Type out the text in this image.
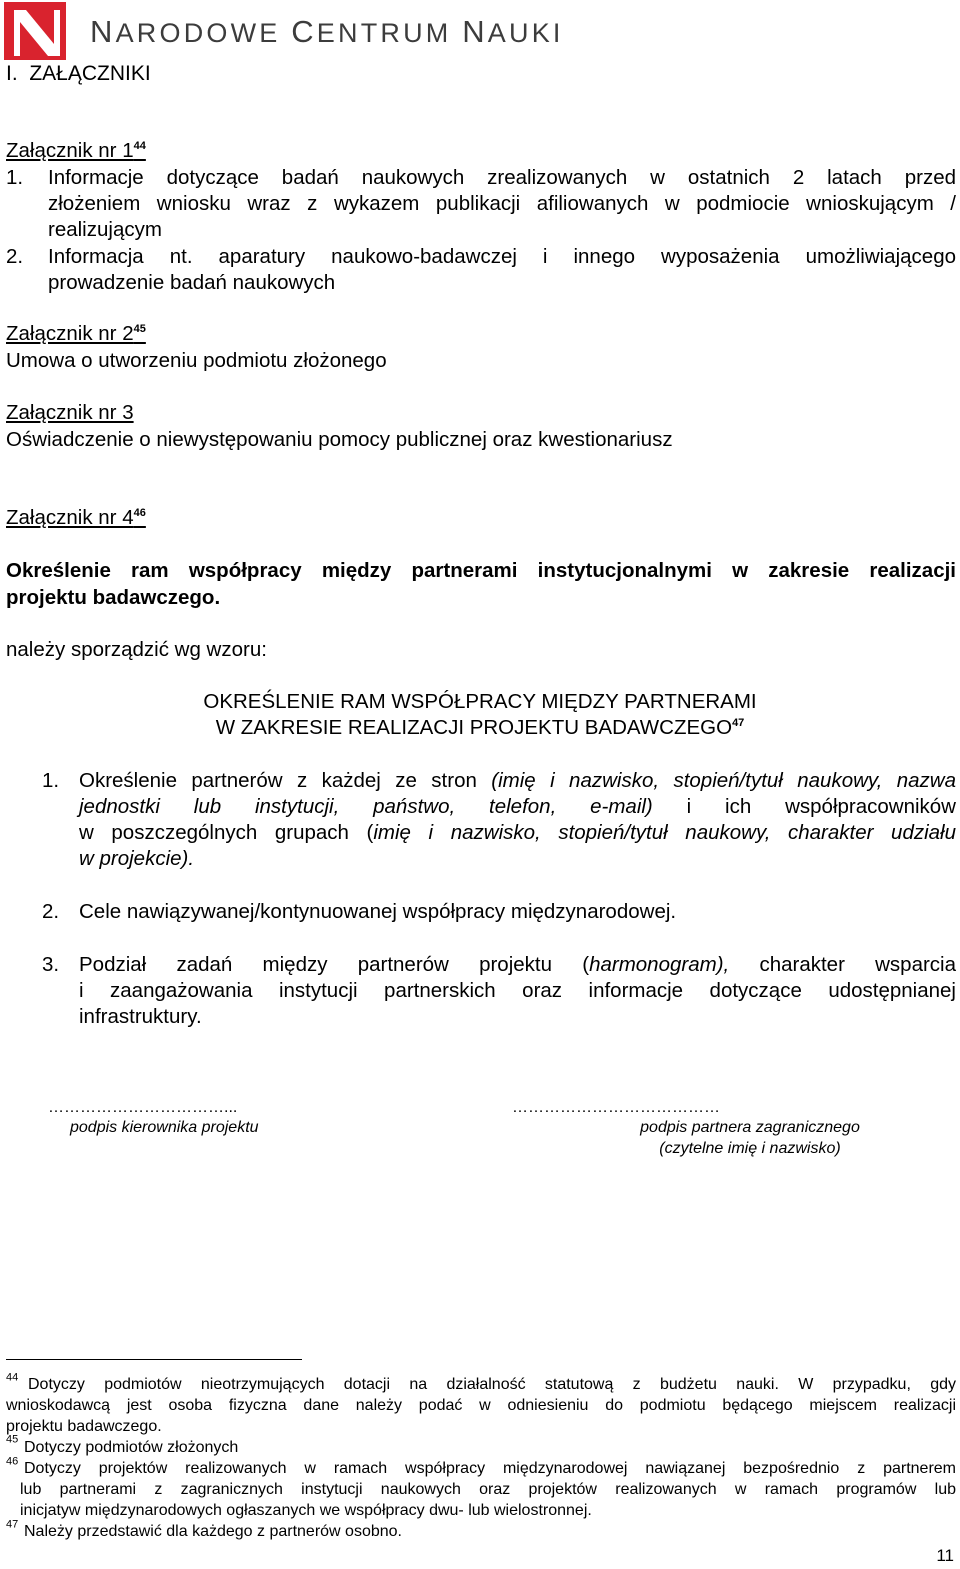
NARODOWE CENTRUM NAUKI
I. ZAŁĄCZNIKI
Załącznik nr $1^{44}$
1. Informacje dotyczące badań naukowych zrealizowanych w ostatnich 2 latach przed
złożeniem wniosku wraz z wykazem publikacji afiliowanych w podmiocie wnioskującym /
realizującym
2. Informacja nt. aparatury naukowo-badawczej i innego wyposażenia umożliwiającego
prowadzenie badań naukowych
Załącznik nr $2^{45}$
Umowa o utworzeniu podmiotu złożonego
Załącznik nr 3
Oświadczenie o niewystępowaniu pomocy publicznej oraz kwestionariusz
Załącznik nr $4^{46}$
Określenie ram współpracy między partnerami instytucjonalnymi w zakresie realizacji
projektu badawczego.
należy sporządzić wg wzoru:
OKREŚLENIE RAM WSPÓŁPRACY MIĘDZY PARTNERAMI
W ZAKRESIE REALIZACJI PROJEKTU BADAWCZEGO$^{47}$
1. Określenie partnerów z każdej ze stron (imię i nazwisko, stopień/tytuł naukowy, nazwa
jednostki lub instytucji, państwo, telefon, e-mail) i ich współpracowników
w poszczególnych grupach (imię i nazwisko, stopień/tytuł naukowy, charakter udziału
w projekcie).
2. Cele nawiązywanej/kontynuowanej współpracy międzynarodowej.
3. Podział zadań między partnerów projektu (harmonogram), charakter wsparcia
i zaangażowania instytucji partnerskich oraz informacje dotyczące udostępnianej
infrastruktury.
……………………………...
podpis kierownika projektu
…………………………………
podpis partnera zagranicznego
(czytelne imię i nazwisko)
$^{44}$ Dotyczy podmiotów nieotrzymujących dotacji na działalność statutową z budżetu nauki. W przypadku, gdy
wnioskodawcą jest osoba fizyczna dane należy podać w odniesieniu do podmiotu będącego miejscem realizacji
projektu badawczego.
$^{45}$ Dotyczy podmiotów złożonych
$^{46}$ Dotyczy projektów realizowanych w ramach współpracy międzynarodowej nawiązanej bezpośrednio z partnerem
lub partnerami z zagranicznych instytucji naukowych oraz projektów realizowanych w ramach programów lub
inicjatyw międzynarodowych ogłaszanych we współpracy dwu- lub wielostronnej.
$^{47}$ Należy przedstawić dla każdego z partnerów osobno.
11
